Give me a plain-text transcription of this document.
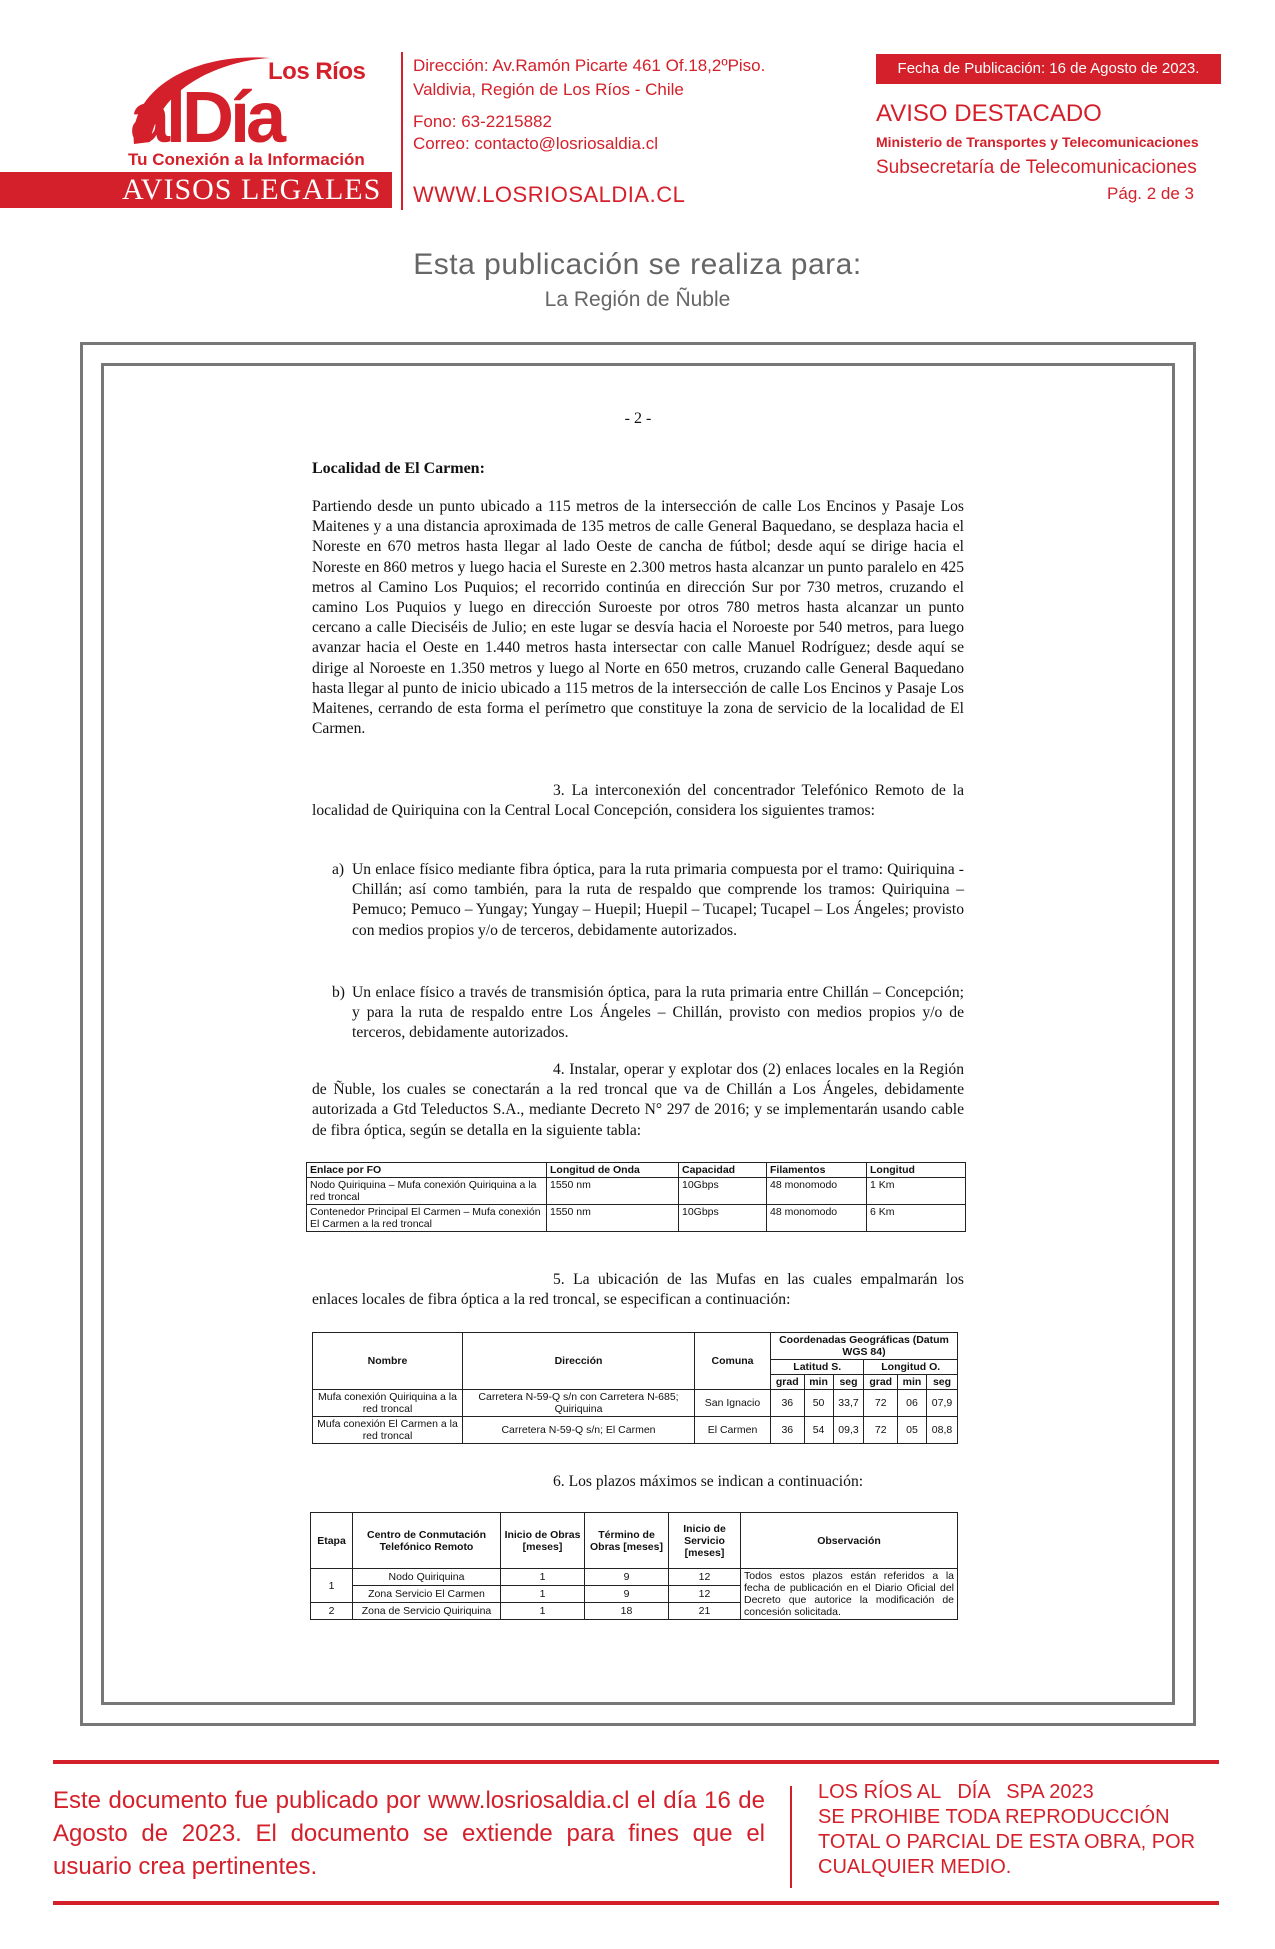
Los Ríos
alDía
Tu Conexión a la Información
AVISOS LEGALES
Dirección: Av.Ramón Picarte 461 Of.18,2ºPiso.
Valdivia, Región de Los Ríos - Chile
Fono: 63-2215882
Correo: contacto@losriosaldia.cl
WWW.LOSRIOSALDIA.CL
Fecha de Publicación: 16 de Agosto de 2023.
AVISO DESTACADO
Ministerio de Transportes y Telecomunicaciones
Subsecretaría de Telecomunicaciones
Pág. 2 de 3
Esta publicación se realiza para:
La Región de Ñuble
- 2 -
Localidad de El Carmen:
Partiendo desde un punto ubicado a 115 metros de la intersección de calle Los Encinos y Pasaje Los Maitenes y a una distancia aproximada de 135 metros de calle General Baquedano, se desplaza hacia el Noreste en 670 metros hasta llegar al lado Oeste de cancha de fútbol; desde aquí se dirige hacia el Noreste en 860 metros y luego hacia el Sureste en 2.300 metros hasta alcanzar un punto paralelo en 425 metros al Camino Los Puquios; el recorrido continúa en dirección Sur por 730 metros, cruzando el camino Los Puquios y luego en dirección Suroeste por otros 780 metros hasta alcanzar un punto cercano a calle Dieciséis de Julio; en este lugar se desvía hacia el Noroeste por 540 metros, para luego avanzar hacia el Oeste en 1.440 metros hasta intersectar con calle Manuel Rodríguez; desde aquí se dirige al Noroeste en 1.350 metros y luego al Norte en 650 metros, cruzando calle General Baquedano hasta llegar al punto de inicio ubicado a 115 metros de la intersección de calle Los Encinos y Pasaje Los Maitenes, cerrando de esta forma el perímetro que constituye la zona de servicio de la localidad de El Carmen.
3. La interconexión del concentrador Telefónico Remoto de la localidad de Quiriquina con la Central Local Concepción, considera los siguientes tramos:
a) Un enlace físico mediante fibra óptica, para la ruta primaria compuesta por el tramo: Quiriquina - Chillán; así como también, para la ruta de respaldo que comprende los tramos: Quiriquina – Pemuco; Pemuco – Yungay; Yungay – Huepil; Huepil – Tucapel; Tucapel – Los Ángeles; provisto con medios propios y/o de terceros, debidamente autorizados.
b) Un enlace físico a través de transmisión óptica, para la ruta primaria entre Chillán – Concepción; y para la ruta de respaldo entre Los Ángeles – Chillán, provisto con medios propios y/o de terceros, debidamente autorizados.
4. Instalar, operar y explotar dos (2) enlaces locales en la Región de Ñuble, los cuales se conectarán a la red troncal que va de Chillán a Los Ángeles, debidamente autorizada a Gtd Teleductos S.A., mediante Decreto N° 297 de 2016; y se implementarán usando cable de fibra óptica, según se detalla en la siguiente tabla:
5. La ubicación de las Mufas en las cuales empalmarán los enlaces locales de fibra óptica a la red troncal, se especifican a continuación:
6. Los plazos máximos se indican a continuación:
Enlace por FO	Longitud de Onda	Capacidad	Filamentos	Longitud
Nodo Quiriquina – Mufa conexión Quiriquina a la red troncal	1550 nm	10Gbps	48 monomodo	1 Km
Contenedor Principal El Carmen – Mufa conexión El Carmen a la red troncal	1550 nm	10Gbps	48 monomodo	6 Km
Nombre	Dirección	Comuna	Coordenadas Geográficas (Datum WGS 84)					
			Latitud S.			Longitud O.		
			grad	min	seg	grad	min	seg
Mufa conexión Quiriquina a la red troncal	Carretera N-59-Q s/n con Carretera N-685; Quiriquina	San Ignacio	36	50	33,7	72	06	07,9
Mufa conexión El Carmen a la red troncal	Carretera N-59-Q s/n; El Carmen	El Carmen	36	54	09,3	72	05	08,8
Etapa	Centro de Conmutación Telefónico Remoto	Inicio de Obras [meses]	Término de Obras [meses]	Inicio de Servicio [meses]	Observación
1	Nodo Quiriquina	1	9	12	Todos estos plazos están referidos a la fecha de publicación en el Diario Oficial del Decreto que autorice la modificación de concesión solicitada.
	Zona Servicio El Carmen	1	9	12	
2	Zona de Servicio Quiriquina	1	18	21	
Este documento fue publicado por www.losriosaldia.cl el día 16 de Agosto de 2023. El documento se extiende para fines que el usuario crea pertinentes.
LOS RÍOS AL   DÍA   SPA 2023
SE PROHIBE TODA REPRODUCCIÓN
TOTAL O PARCIAL DE ESTA OBRA, POR
CUALQUIER MEDIO.
